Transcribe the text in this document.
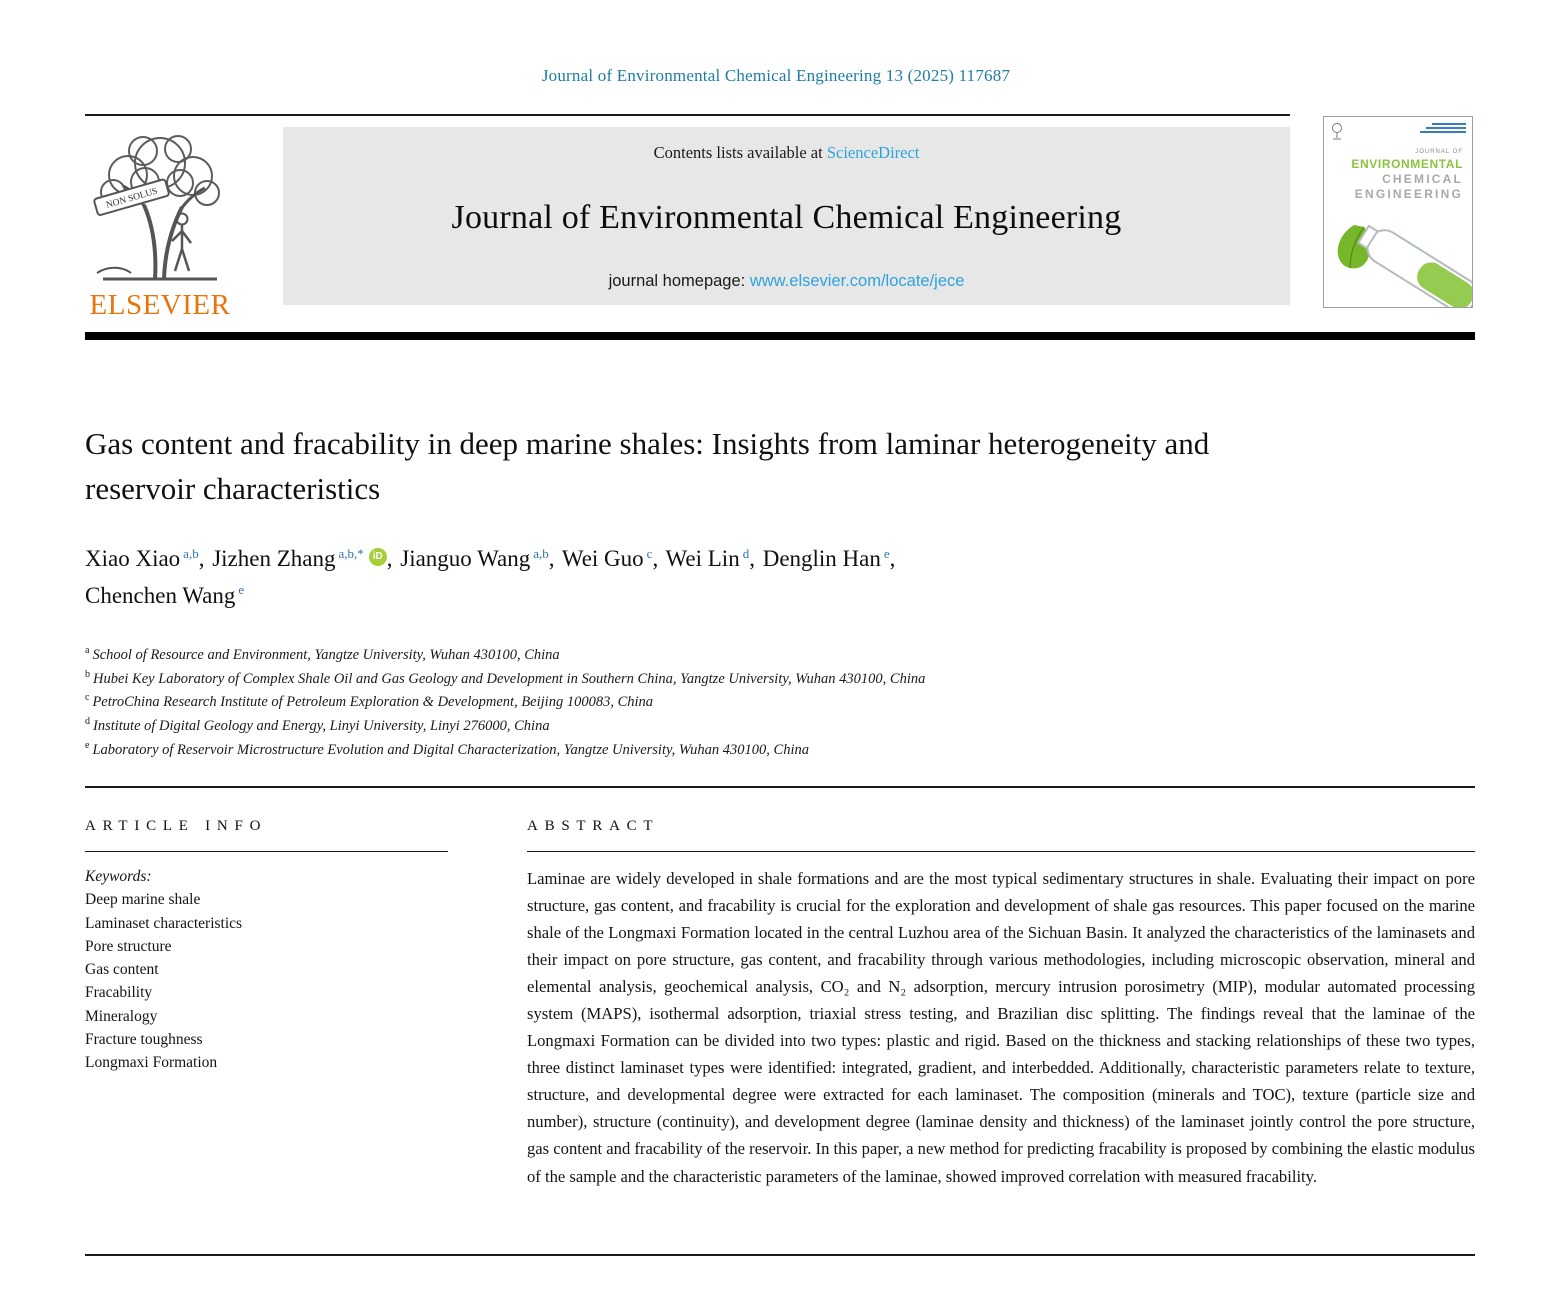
Journal of Environmental Chemical Engineering 13 (2025) 117687
NON SOLUS
ELSEVIER
Contents lists available at ScienceDirect
Journal of Environmental Chemical Engineering
journal homepage: www.elsevier.com/locate/jece
JOURNAL OF
ENVIRONMENTAL
CHEMICAL
ENGINEERING
Gas content and fracability in deep marine shales: Insights from laminar heterogeneity and reservoir characteristics
Xiao Xiao $^{a,b}$, Jizhen Zhang $^{a,b,*}$ iD , Jianguo Wang $^{a,b}$, Wei Guo $^c$, Wei Lin $^d$, Denglin Han $^e$,
Chenchen Wang $^e$
$^a$ School of Resource and Environment, Yangtze University, Wuhan 430100, China
$^b$ Hubei Key Laboratory of Complex Shale Oil and Gas Geology and Development in Southern China, Yangtze University, Wuhan 430100, China
$^c$ PetroChina Research Institute of Petroleum Exploration & Development, Beijing 100083, China
$^d$ Institute of Digital Geology and Energy, Linyi University, Linyi 276000, China
$^e$ Laboratory of Reservoir Microstructure Evolution and Digital Characterization, Yangtze University, Wuhan 430100, China
ARTICLE INFO
Keywords:
Deep marine shale
Laminaset characteristics
Pore structure
Gas content
Fracability
Mineralogy
Fracture toughness
Longmaxi Formation
ABSTRACT

Laminae are widely developed in shale formations and are the most typical sedimentary structures in shale. Evaluating their impact on pore structure, gas content, and fracability is crucial for the exploration and development of shale gas resources. This paper focused on the marine shale of the Longmaxi Formation located in the central Luzhou area of the Sichuan Basin. It analyzed the characteristics of the laminasets and their impact on pore structure, gas content, and fracability through various methodologies, including microscopic observation, mineral and elemental analysis, geochemical analysis, CO₂ and N₂ adsorption, mercury intrusion porosimetry (MIP), modular automated processing system (MAPS), isothermal adsorption, triaxial stress testing, and Brazilian disc splitting. The findings reveal that the laminae of the Longmaxi Formation can be divided into two types: plastic and rigid. Based on the thickness and stacking relationships of these two types, three distinct laminaset types were identified: integrated, gradient, and interbedded. Additionally, characteristic parameters relate to texture, structure, and developmental degree were extracted for each laminaset. The composition (minerals and TOC), texture (particle size and number), structure (continuity), and development degree (laminae density and thickness) of the laminaset jointly control the pore structure, gas content and fracability of the reservoir. In this paper, a new method for predicting fracability is proposed by combining the elastic modulus of the sample and the characteristic parameters of the laminae, showed improved correlation with measured fracability.
